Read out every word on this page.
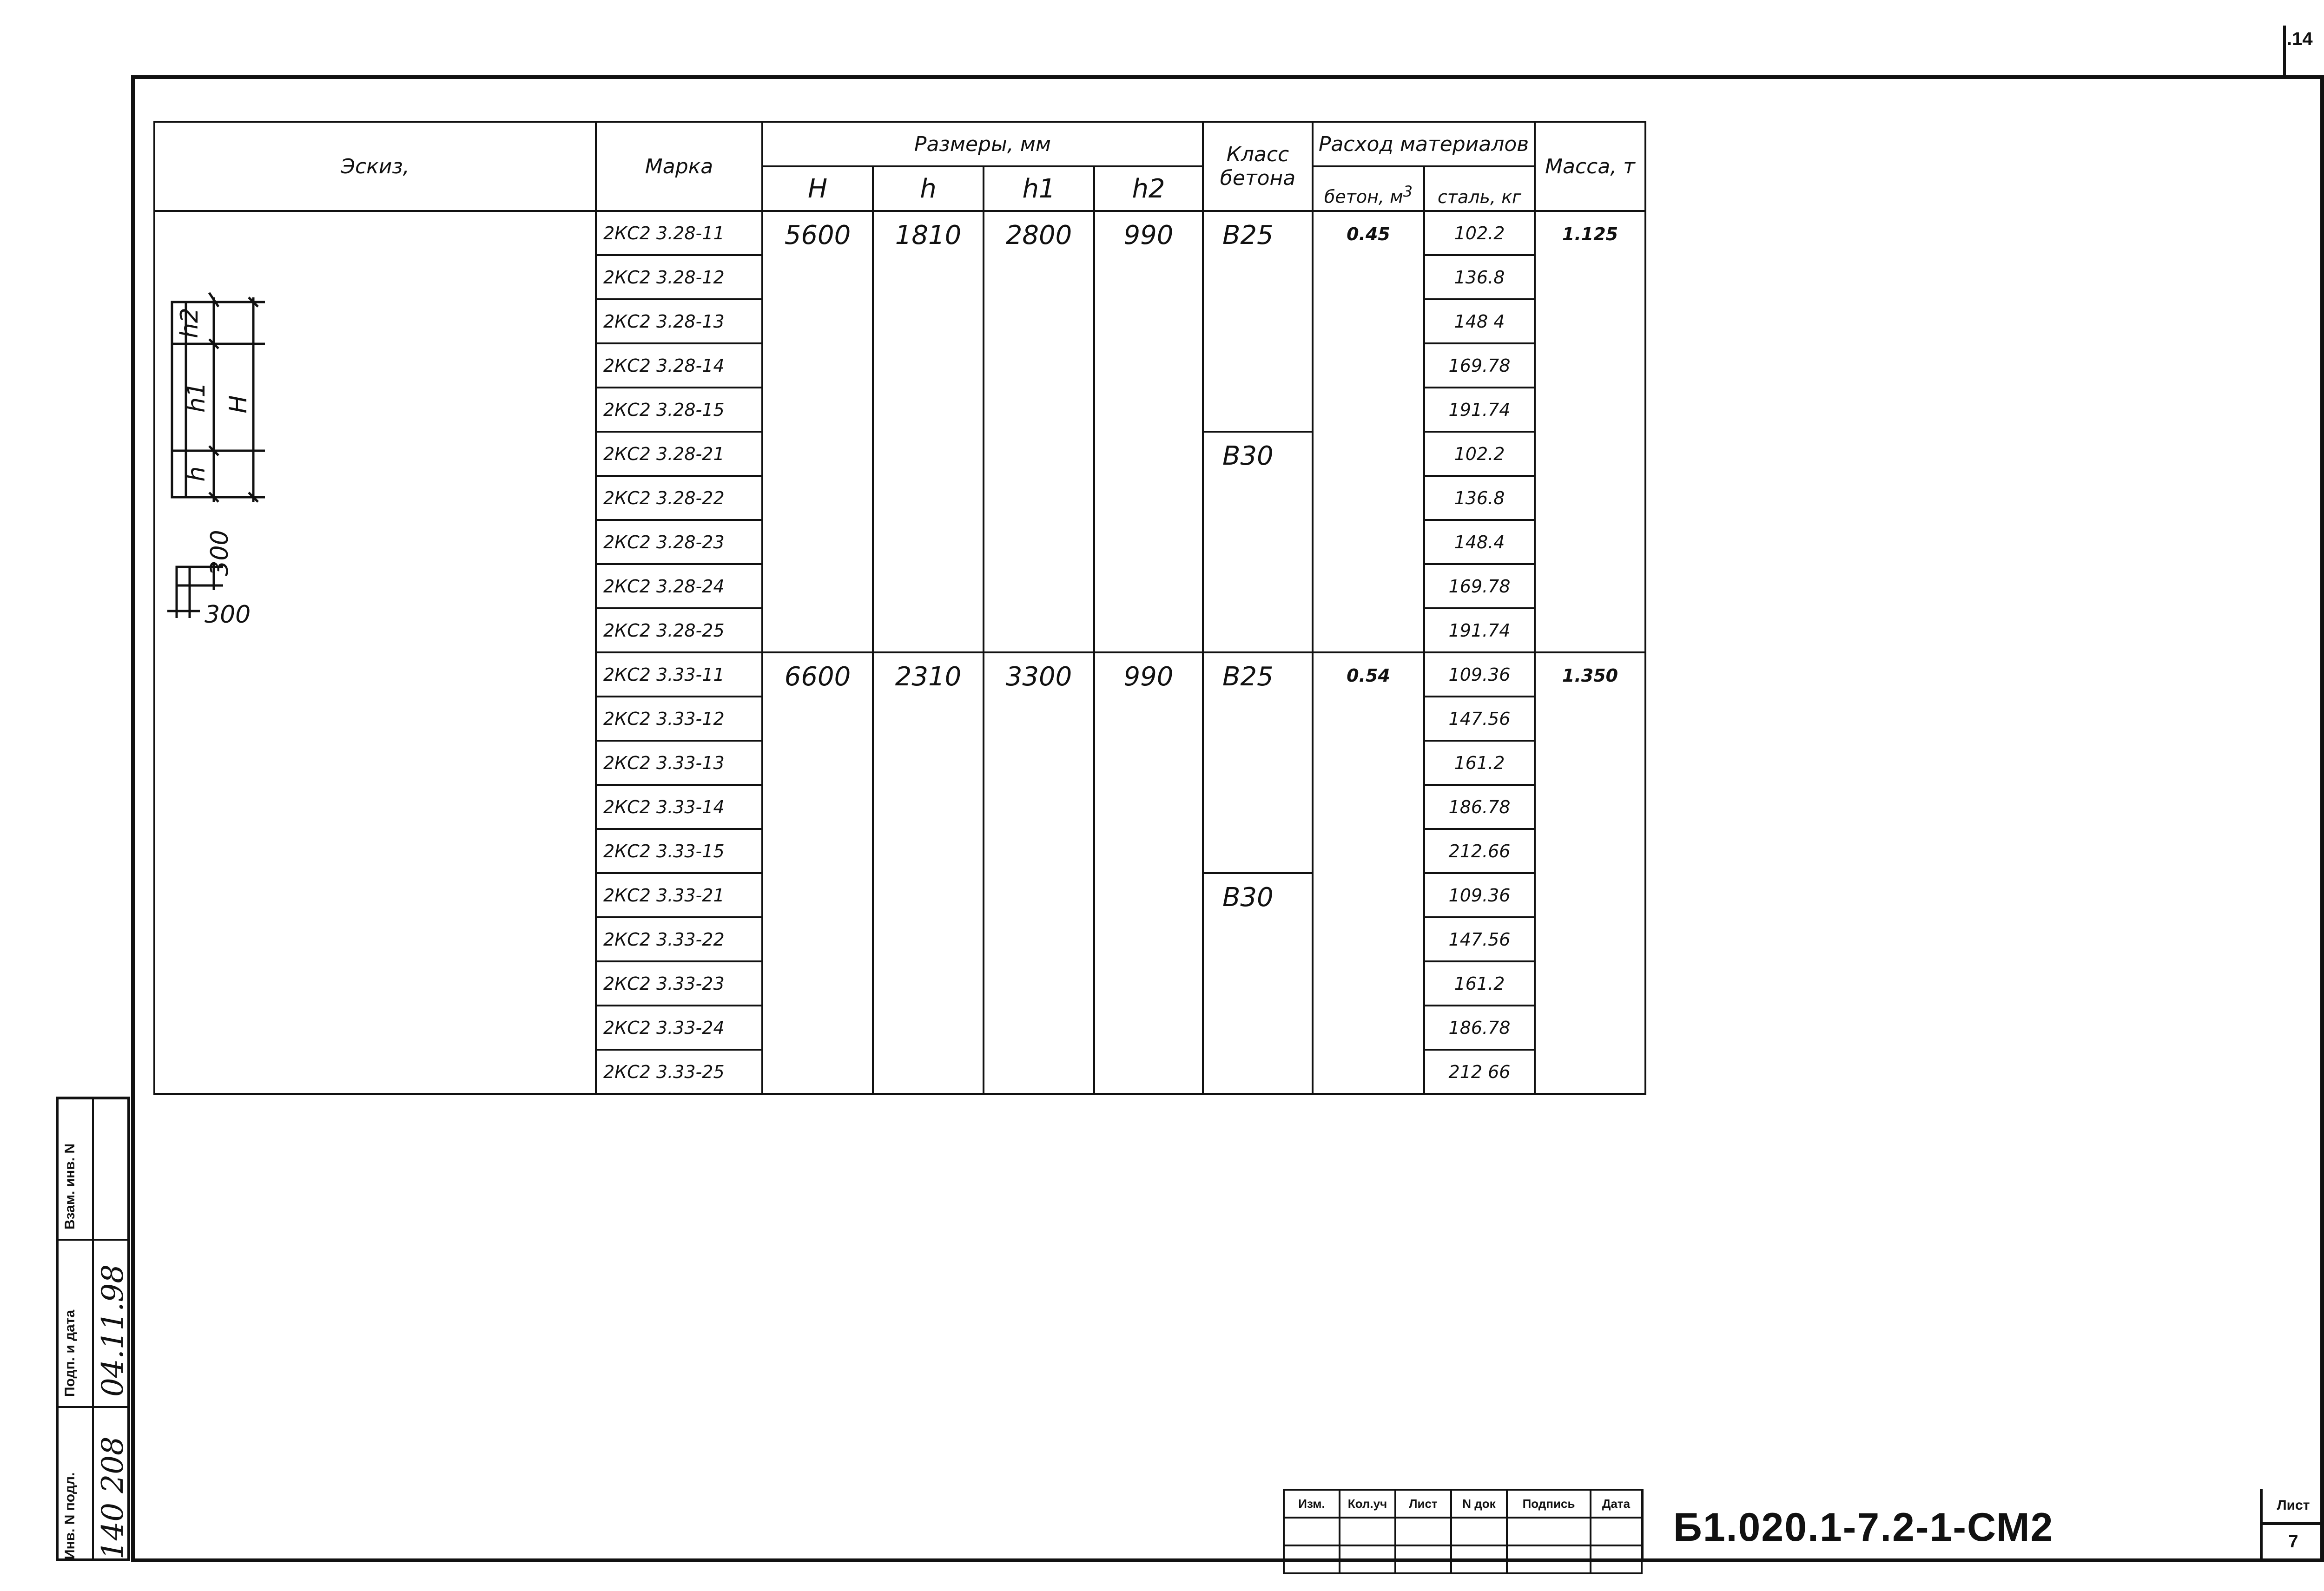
.14
Эскиз,	Марка	Размеры, мм				Класс бетона	Расход материалов		Масса, т
		H	h	h1	h2		бетон, $м^3$	сталь, кг	
	2КС2 3.28-11	5600	1810	2800	990	B25	0.45	102.2	1.125
	2КС2 3.28-12							136.8	
	2КС2 3.28-13							148 4	
	2КС2 3.28-14							169.78	
	2КС2 3.28-15							191.74	
	2КС2 3.28-21					B30		102.2	
	2КС2 3.28-22							136.8	
	2КС2 3.28-23							148.4	
	2КС2 3.28-24							169.78	
	2КС2 3.28-25							191.74	
	2КС2 3.33-11	6600	2310	3300	990	B25	0.54	109.36	1.350
	2КС2 3.33-12							147.56	
	2КС2 3.33-13							161.2	
	2КС2 3.33-14							186.78	
	2КС2 3.33-15							212.66	
	2КС2 3.33-21					B30		109.36	
	2КС2 3.33-22							147.56	
	2КС2 3.33-23							161.2	
	2КС2 3.33-24							186.78	
	2КС2 3.33-25							212 66	
h2
h1
h
H
300
300
Инв. N подл. 140 208
Подп. и дата 04.11.98
Взам. инв. N
Изм.	Кол.уч	Лист	N док	Подпись	Дата

Б1.020.1-7.2-1-СМ2	Лист
7
